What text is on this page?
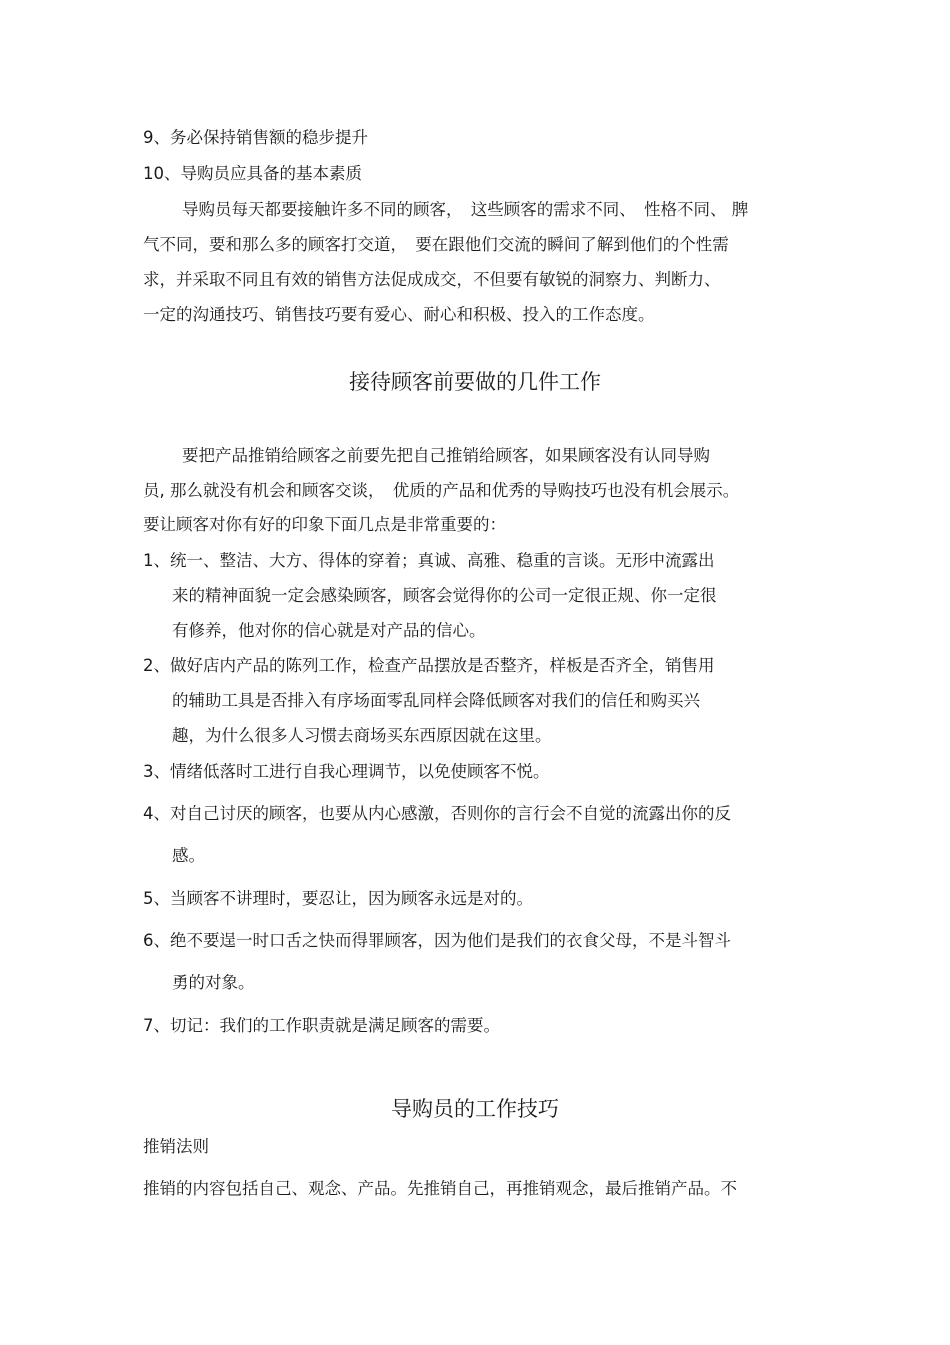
9、务必保持销售额的稳步提升
10、导购员应具备的基本素质
导购员每天都要接触许多不同的顾客，　这些顾客的需求不同、　性格不同、 脾
气不同，要和那么多的顾客打交道，　要在跟他们交流的瞬间了解到他们的个性需
求，并采取不同且有效的销售方法促成成交，不但要有敏锐的洞察力、判断力、
一定的沟通技巧、销售技巧要有爱心、耐心和积极、投入的工作态度。
接待顾客前要做的几件工作
要把产品推销给顾客之前要先把自己推销给顾客，如果顾客没有认同导购
员, 那么就没有机会和顾客交谈，　优质的产品和优秀的导购技巧也没有机会展示。
要让顾客对你有好的印象下面几点是非常重要的：
1、统一、整洁、大方、得体的穿着；真诚、高雅、稳重的言谈。无形中流露出
来的精神面貌一定会感染顾客，顾客会觉得你的公司一定很正规、你一定很
有修养，他对你的信心就是对产品的信心。
2、做好店内产品的陈列工作，检查产品摆放是否整齐，样板是否齐全，销售用
的辅助工具是否排入有序场面零乱同样会降低顾客对我们的信任和购买兴
趣，为什么很多人习惯去商场买东西原因就在这里。
3、情绪低落时工进行自我心理调节，以免使顾客不悦。
4、对自己讨厌的顾客，也要从内心感激，否则你的言行会不自觉的流露出你的反
感。
5、当顾客不讲理时，要忍让，因为顾客永远是对的。
6、绝不要逞一时口舌之快而得罪顾客，因为他们是我们的衣食父母，不是斗智斗
勇的对象。
7、切记：我们的工作职责就是满足顾客的需要。
导购员的工作技巧
推销法则
推销的内容包括自己、观念、产品。先推销自己，再推销观念，最后推销产品。不
